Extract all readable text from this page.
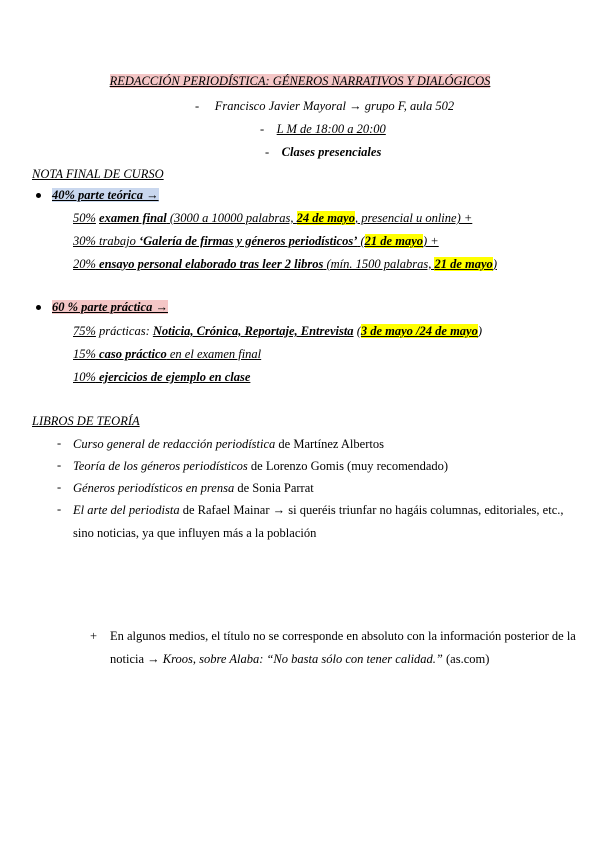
REDACCIÓN PERIODÍSTICA: GÉNEROS NARRATIVOS Y DIALÓGICOS
- Francisco Javier Mayoral → grupo F, aula 502
- L M de 18:00 a 20:00
- Clases presenciales
NOTA FINAL DE CURSO
40% parte teórica →
50% examen final (3000 a 10000 palabras, 24 de mayo, presencial u online) +
30% trabajo ‘Galería de firmas y géneros periodísticos’ (21 de mayo) +
20% ensayo personal elaborado tras leer 2 libros (mín. 1500 palabras, 21 de mayo)
60 % parte práctica →
75% prácticas: Noticia, Crónica, Reportaje, Entrevista (3 de mayo /24 de mayo)
15% caso práctico en el examen final
10% ejercicios de ejemplo en clase
LIBROS DE TEORÍA
- Curso general de redacción periodística de Martínez Albertos
- Teoría de los géneros periodísticos de Lorenzo Gomis (muy recomendado)
- Géneros periodísticos en prensa de Sonia Parrat
- El arte del periodista de Rafael Mainar → si queréis triunfar no hagáis columnas, editoriales, etc.,
sino noticias, ya que influyen más a la población
+ En algunos medios, el título no se corresponde en absoluto con la información posterior de la
noticia → Kroos, sobre Alaba: “No basta sólo con tener calidad.” (as.com)
